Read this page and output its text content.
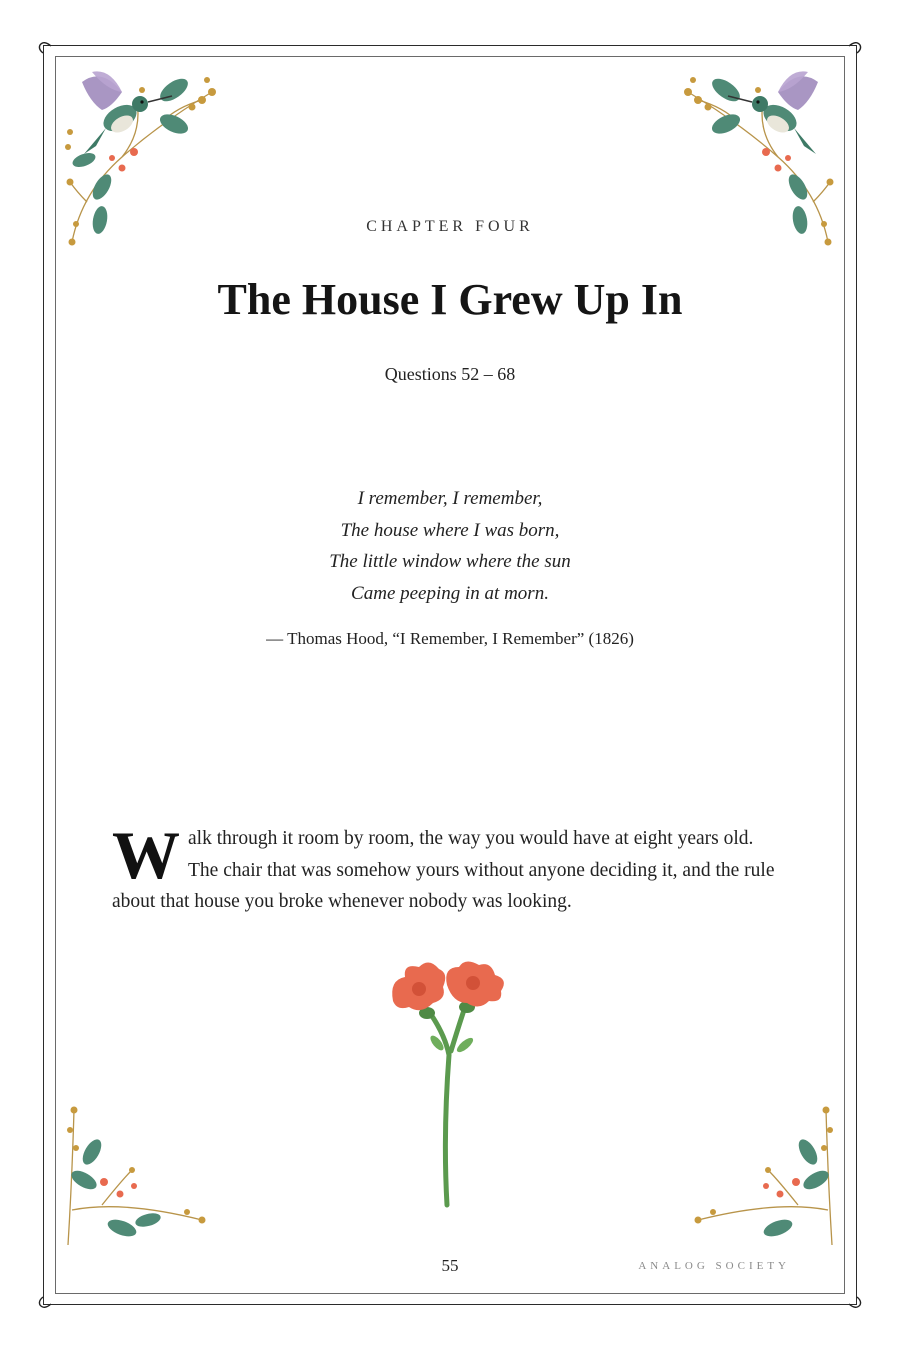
CHAPTER FOUR
The House I Grew Up In
Questions 52 – 68
I remember, I remember,
The house where I was born,
The little window where the sun
Came peeping in at morn.
— Thomas Hood, “I Remember, I Remember” (1826)

Walk through it room by room, the way you would have at eight years old. The chair that was somehow yours without anyone deciding it, and the rule about that house you broke whenever nobody was looking.

55	ANALOG SOCIETY
